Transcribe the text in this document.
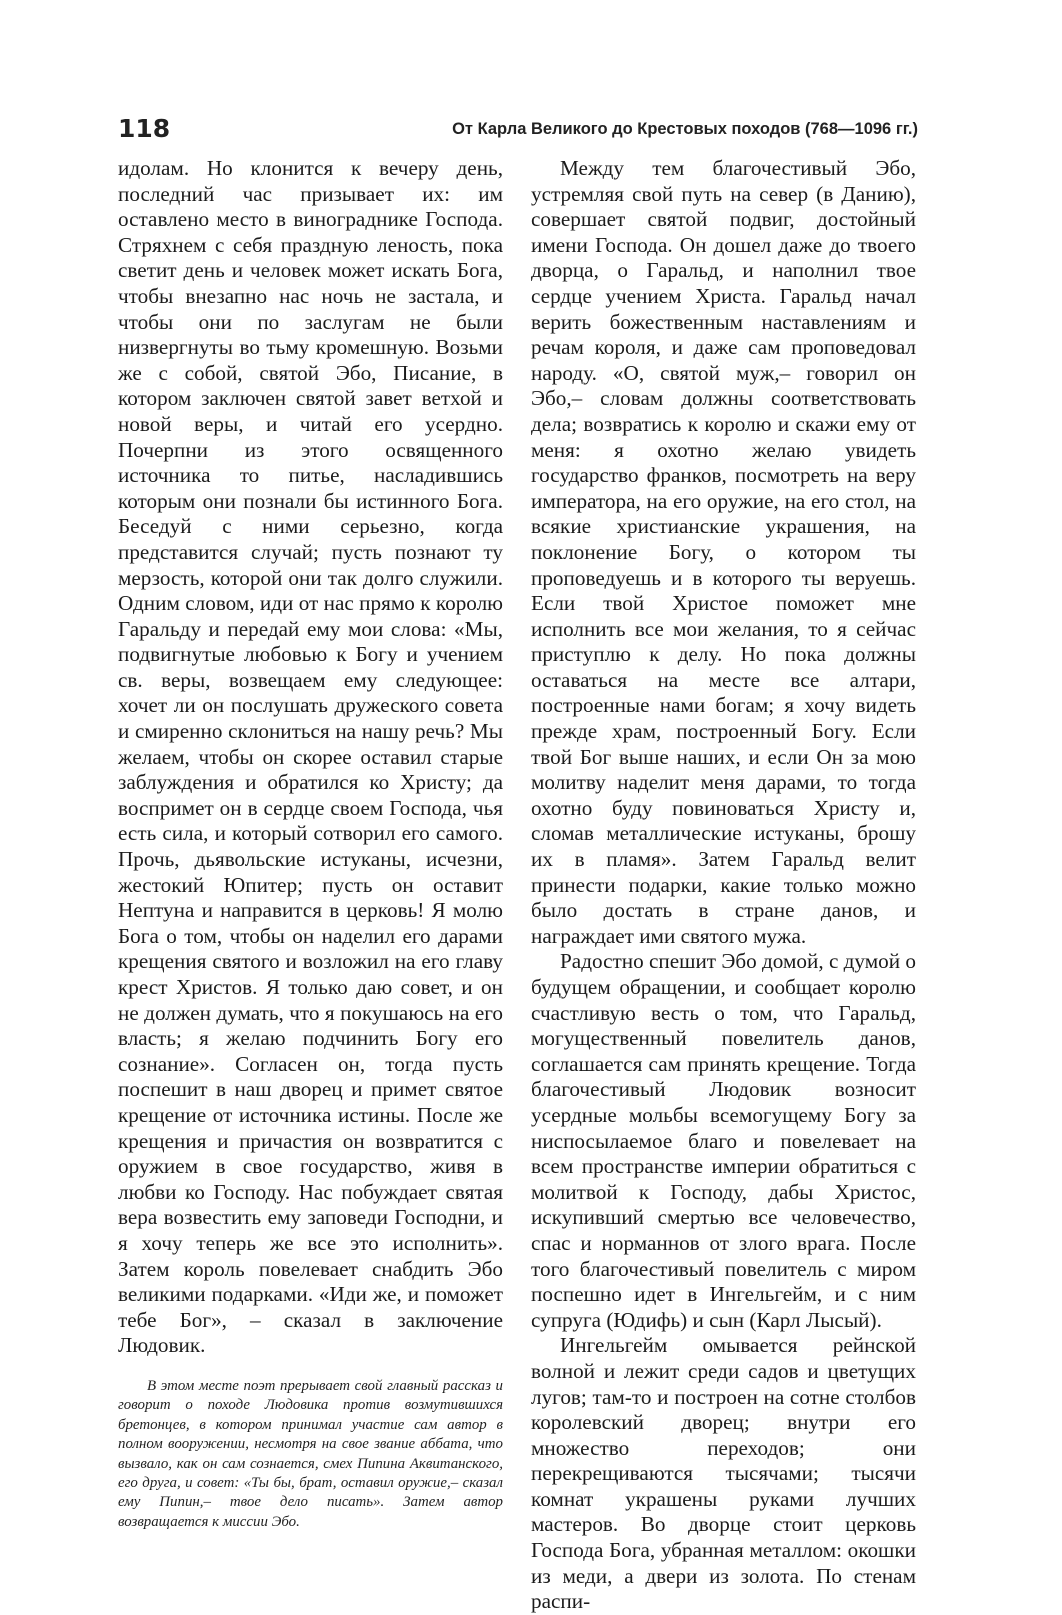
118	От Карла Великого до Крестовых походов (768—1096 гг.)

идолам. Но клонится к вечеру день, последний час призывает их: им оставлено место в винограднике Господа. Стряхнем с себя праздную леность, пока светит день и человек может искать Бога, чтобы внезапно нас ночь не застала, и чтобы они по заслугам не были низвергнуты во тьму кромешную. Возьми же с собой, святой Эбо, Писание, в котором заключен святой завет ветхой и новой веры, и читай его усердно. Почерпни из этого освященного источника то питье, насладившись которым они познали бы истинного Бога. Беседуй с ними серьезно, когда представится случай; пусть познают ту мерзость, которой они так долго служили. Одним словом, иди от нас прямо к королю Гаральду и передай ему мои слова: «Мы, подвигнутые любовью к Богу и учением св. веры, возвещаем ему следующее: хочет ли он послушать дружеского совета и смиренно склониться на нашу речь? Мы желаем, чтобы он скорее оставил старые заблуждения и обратился ко Христу; да воспримет он в сердце своем Господа, чья есть сила, и который сотворил его самого. Прочь, дьявольские истуканы, исчезни, жестокий Юпитер; пусть он оставит Нептуна и направится в церковь! Я молю Бога о том, чтобы он наделил его дарами крещения святого и возложил на его главу крест Христов. Я только даю совет, и он не должен думать, что я покушаюсь на его власть; я желаю подчинить Богу его сознание». Согласен он, тогда пусть поспешит в наш дворец и примет святое крещение от источника истины. После же крещения и причастия он возвратится с оружием в свое государство, живя в любви ко Господу. Нас побуждает святая вера возвестить ему заповеди Господни, и я хочу теперь же все это исполнить». Затем король повелевает снабдить Эбо великими подарками. «Иди же, и поможет тебе Бог», – сказал в заключение Людовик.

В этом месте поэт прерывает свой главный рассказ и говорит о походе Людовика против возмутившихся бретонцев, в котором принимал участие сам автор в полном вооружении, несмотря на свое звание аббата, что вызвало, как он сам сознается, смех Пипина Аквитанского, его друга, и совет: «Ты бы, брат, оставил оружие,– сказал ему Пипин,– твое дело писать». Затем автор возвращается к миссии Эбо.

Между тем благочестивый Эбо, устремляя свой путь на север (в Данию), совершает святой подвиг, достойный имени Господа. Он дошел даже до твоего дворца, о Гаральд, и наполнил твое сердце учением Христа. Гаральд начал верить божественным наставлениям и речам короля, и даже сам проповедовал народу. «О, святой муж,– говорил он Эбо,– словам должны соответствовать дела; возвратись к королю и скажи ему от меня: я охотно желаю увидеть государство франков, посмотреть на веру императора, на его оружие, на его стол, на всякие христианские украшения, на поклонение Богу, о котором ты проповедуешь и в которого ты веруешь. Если твой Христое поможет мне исполнить все мои желания, то я сейчас приступлю к делу. Но пока должны оставаться на месте все алтари, построенные нами богам; я хочу видеть прежде храм, построенный Богу. Если твой Бог выше наших, и если Он за мою молитву наделит меня дарами, то тогда охотно буду повиноваться Христу и, сломав металлические истуканы, брошу их в пламя». Затем Гаральд велит принести подарки, какие только можно было достать в стране данов, и награждает ими святого мужа.

Радостно спешит Эбо домой, с думой о будущем обращении, и сообщает королю счастливую весть о том, что Гаральд, могущественный повелитель данов, соглашается сам принять крещение. Тогда благочестивый Людовик возносит усердные мольбы всемогущему Богу за ниспосылаемое благо и повелевает на всем пространстве империи обратиться с молитвой к Господу, дабы Христос, искупивший смертью все человечество, спас и норманнов от злого врага. После того благочестивый повелитель с миром поспешно идет в Ингельгейм, и с ним супруга (Юдифь) и сын (Карл Лысый).

Ингельгейм омывается рейнской волной и лежит среди садов и цветущих лугов; там-то и построен на сотне столбов королевский дворец; внутри его множество переходов; они перекрещиваются тысячами; тысячи комнат украшены руками лучших мастеров. Во дворце стоит церковь Господа Бога, убранная металлом: окошки из меди, а двери из золота. По стенам распи-
